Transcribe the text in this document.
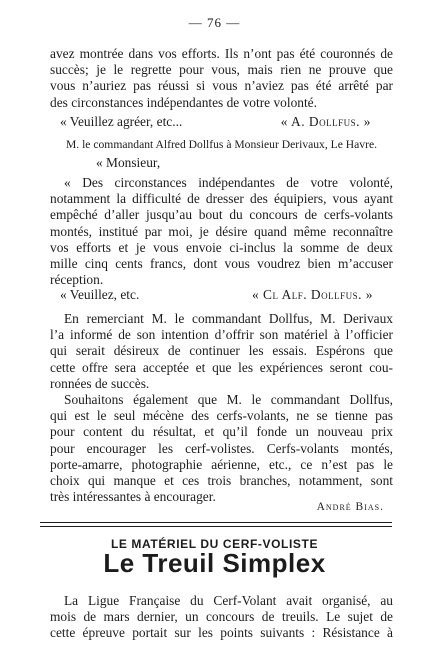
— 76 —
avez montrée dans vos efforts. Ils n’ont pas été couronnés de
succès; je le regrette pour vous, mais rien ne prouve que
vous n’auriez pas réussi si vous n’aviez pas été arrêté par
des circonstances indépendantes de votre volonté.
« Veuillez agréer, etc...	« A. Dollfus. »
M. le commandant Alfred Dollfus à Monsieur Derivaux, Le Havre.
« Monsieur,
« Des circonstances indépendantes de votre volonté,
notamment la difficulté de dresser des équipiers, vous ayant
empêché d’aller jusqu’au bout du concours de cerfs-volants
montés, institué par moi, je désire quand même reconnaître
vos efforts et je vous envoie ci-inclus la somme de deux
mille cinq cents francs, dont vous voudrez bien m’accuser
réception.
« Veuillez, etc.	« Cl Alf. Dollfus. »
En remerciant M. le commandant Dollfus, M. Derivaux
l’a informé de son intention d’offrir son matériel à l’officier
qui serait désireux de continuer les essais. Espérons que
cette offre sera acceptée et que les expériences seront cou-
ronnées de succès.
Souhaitons également que M. le commandant Dollfus,
qui est le seul mécène des cerfs-volants, ne se tienne pas
pour content du résultat, et qu’il fonde un nouveau prix
pour encourager les cerf-volistes. Cerfs-volants montés,
porte-amarre, photographie aérienne, etc., ce n’est pas le
choix qui manque et ces trois branches, notamment, sont
très intéressantes à encourager.
André Bias.
LE MATÉRIEL DU CERF-VOLISTE
Le Treuil Simplex
La Ligue Française du Cerf-Volant avait organisé, au
mois de mars dernier, un concours de treuils. Le sujet de
cette épreuve portait sur les points suivants : Résistance à
